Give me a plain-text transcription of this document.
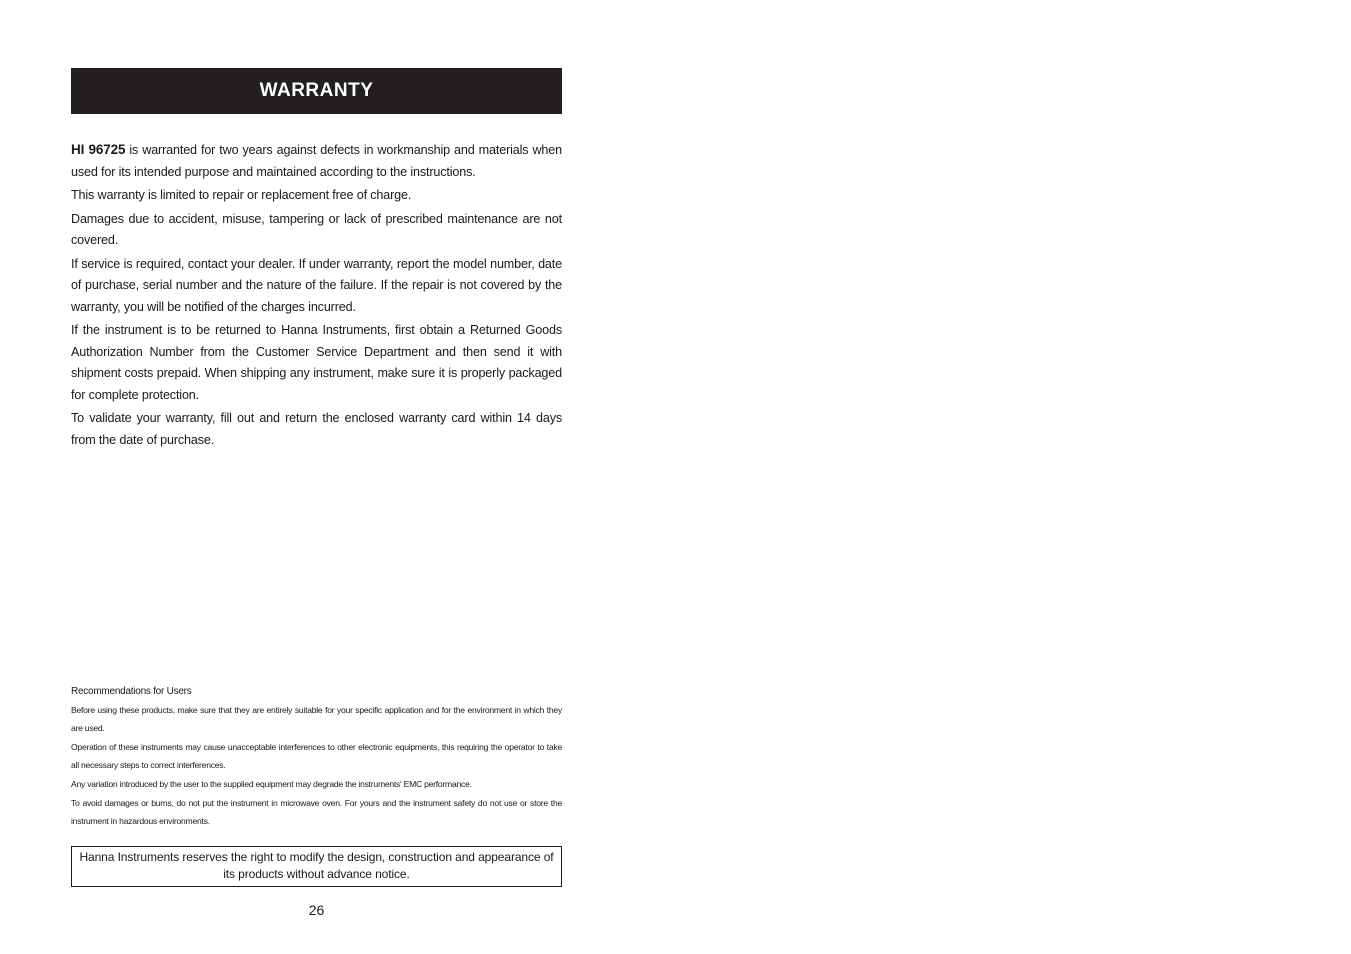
WARRANTY

HI 96725 is warranted for two years against defects in workmanship and materials when used for its intended purpose and maintained according to the instructions.

This warranty is limited to repair or replacement free of charge.

Damages due to accident, misuse, tampering or lack of prescribed maintenance are not covered.

If service is required, contact your dealer. If under warranty, report the model number, date of purchase, serial number and the nature of the failure. If the repair is not covered by the warranty, you will be notified of the charges incurred.

If the instrument is to be returned to Hanna Instruments, first obtain a Returned Goods Authorization Number from the Customer Service Department and then send it with shipment costs prepaid. When shipping any instrument, make sure it is properly packaged for complete protection.

To validate your warranty, fill out and return the enclosed warranty card within 14 days from the date of purchase.

Recommendations for Users

Before using these products, make sure that they are entirely suitable for your specific application and for the environment in which they are used.

Operation of these instruments may cause unacceptable interferences to other electronic equipments, this requiring the operator to take all necessary steps to correct interferences.

Any variation introduced by the user to the supplied equipment may degrade the instruments' EMC performance.

To avoid damages or burns, do not put the instrument in microwave oven. For yours and the instrument safety do not use or store the instrument in hazardous environments.

Hanna Instruments reserves the right to modify the design, construction and appearance of its products without advance notice.
26
